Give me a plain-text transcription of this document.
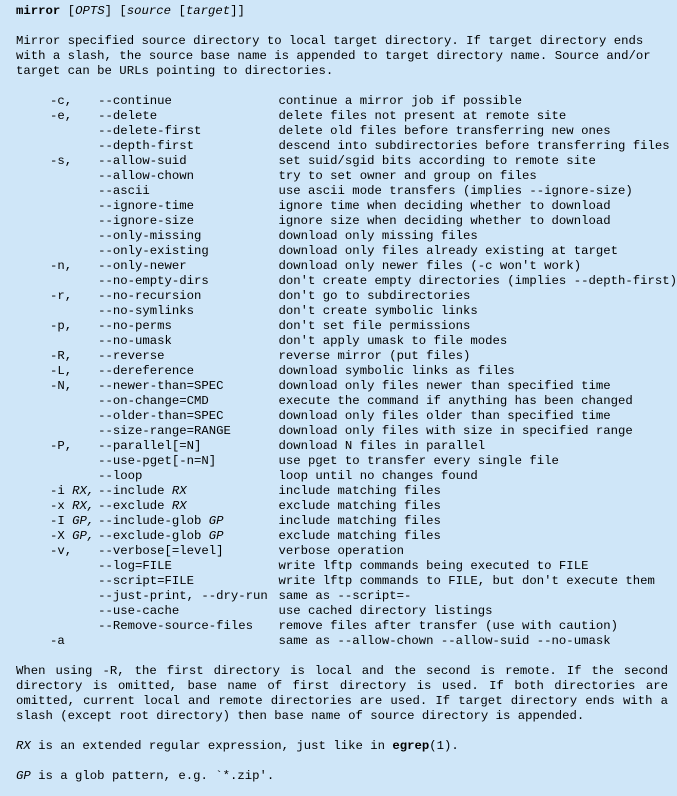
mirror [OPTS] [source [target]]

Mirror specified source directory to local target directory. If target directory ends with a slash, the source base name is appended to target directory name. Source and/or target can be URLs pointing to directories.

-c,	--continue	continue a mirror job if possible
-e,	--delete	delete files not present at remote site
	--delete-first	delete old files before transferring new ones
	--depth-first	descend into subdirectories before transferring files
-s,	--allow-suid	set suid/sgid bits according to remote site
	--allow-chown	try to set owner and group on files
	--ascii	use ascii mode transfers (implies --ignore-size)
	--ignore-time	ignore time when deciding whether to download
	--ignore-size	ignore size when deciding whether to download
	--only-missing	download only missing files
	--only-existing	download only files already existing at target
-n,	--only-newer	download only newer files (-c won't work)
	--no-empty-dirs	don't create empty directories (implies --depth-first)
-r,	--no-recursion	don't go to subdirectories
	--no-symlinks	don't create symbolic links
-p,	--no-perms	don't set file permissions
	--no-umask	don't apply umask to file modes
-R,	--reverse	reverse mirror (put files)
-L,	--dereference	download symbolic links as files
-N,	--newer-than=SPEC	download only files newer than specified time
	--on-change=CMD	execute the command if anything has been changed
	--older-than=SPEC	download only files older than specified time
	--size-range=RANGE	download only files with size in specified range
-P,	--parallel[=N]	download N files in parallel
	--use-pget[-n=N]	use pget to transfer every single file
	--loop	loop until no changes found
-i RX,	--include RX	include matching files
-x RX,	--exclude RX	exclude matching files
-I GP,	--include-glob GP	include matching files
-X GP,	--exclude-glob GP	exclude matching files
-v,	--verbose[=level]	verbose operation
	--log=FILE	write lftp commands being executed to FILE
	--script=FILE	write lftp commands to FILE, but don't execute them
	--just-print, --dry-run	same as --script=-
	--use-cache	use cached directory listings
	--Remove-source-files	remove files after transfer (use with caution)
-a		same as --allow-chown --allow-suid --no-umask

When using -R, the first directory is local and the second is remote. If the second directory is omitted, base name of first directory is used. If both directories are omitted, current local and remote directories are used. If target directory ends with a slash (except root directory) then base name of source directory is appended.

RX is an extended regular expression, just like in egrep(1).
GP is a glob pattern, e.g. `*.zip'.
